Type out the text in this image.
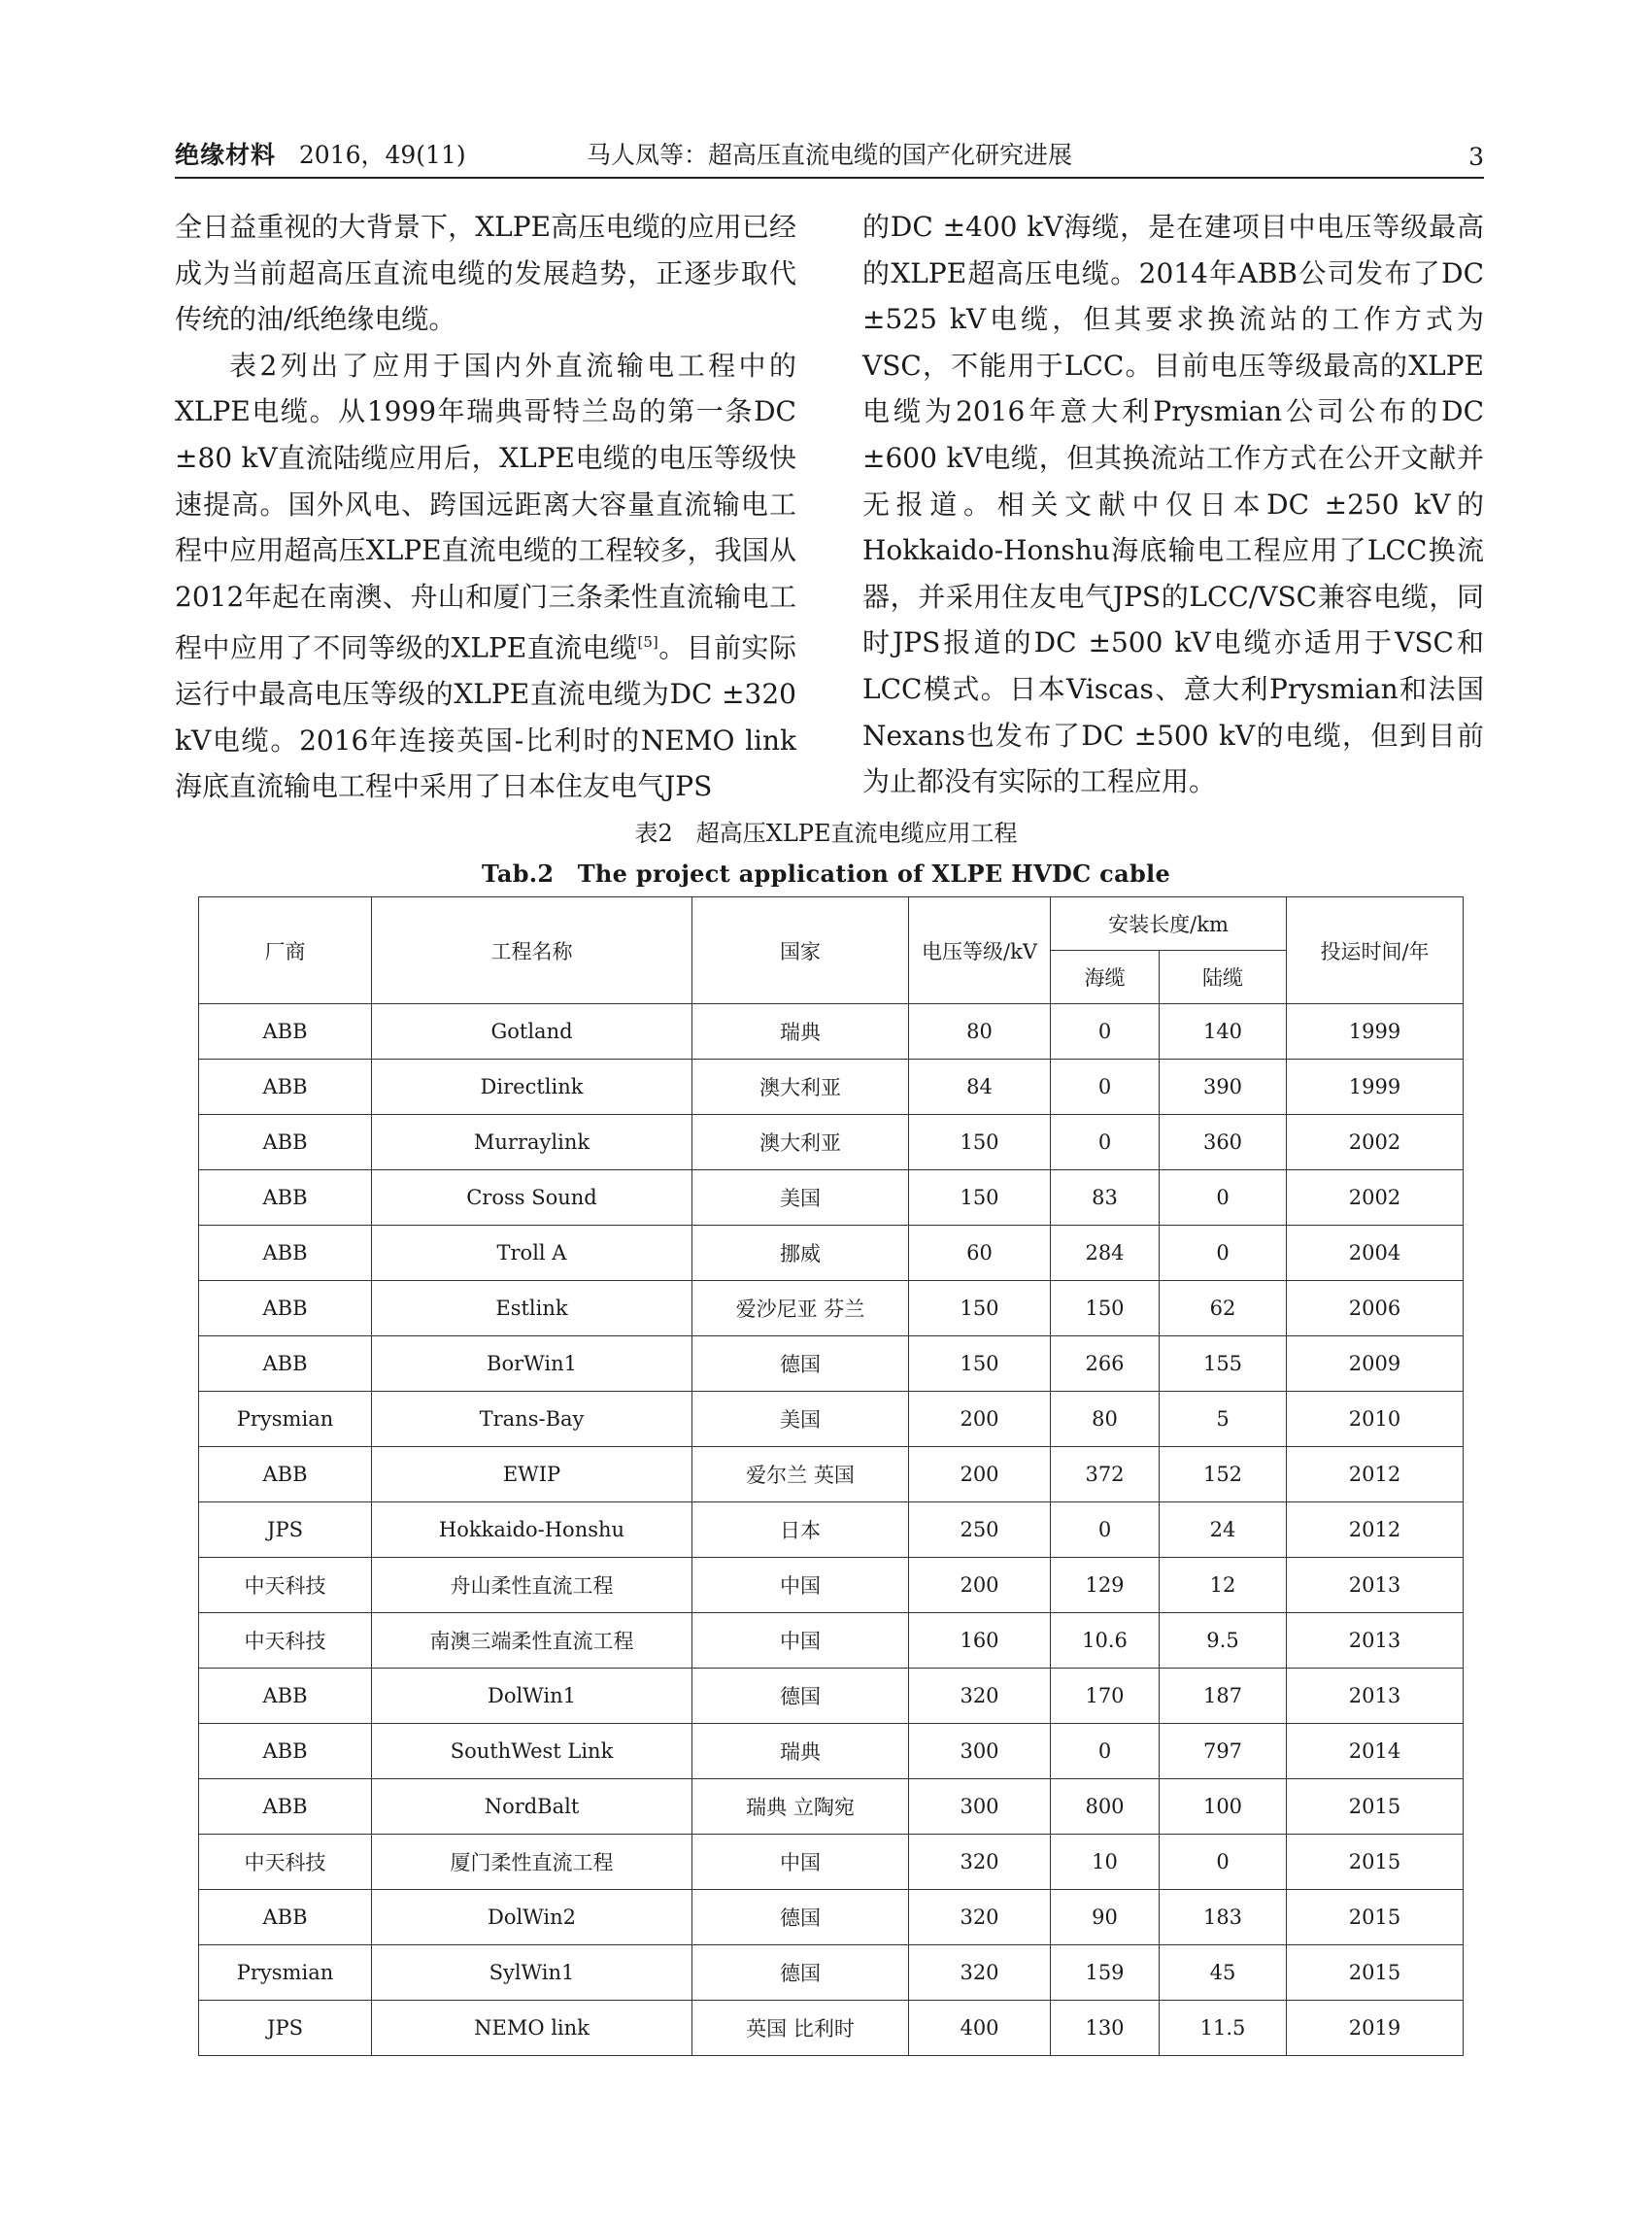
绝缘材料 2016，49(11)	马人凤等：超高压直流电缆的国产化研究进展	3

全日益重视的大背景下，XLPE高压电缆的应用已经成为当前超高压直流电缆的发展趋势，正逐步取代传统的油/纸绝缘电缆。

表2列出了应用于国内外直流输电工程中的XLPE电缆。从1999年瑞典哥特兰岛的第一条DC ±80 kV直流陆缆应用后，XLPE电缆的电压等级快速提高。国外风电、跨国远距离大容量直流输电工程中应用超高压XLPE直流电缆的工程较多，我国从2012年起在南澳、舟山和厦门三条柔性直流输电工程中应用了不同等级的XLPE直流电缆[5]。目前实际运行中最高电压等级的XLPE直流电缆为DC ±320 kV电缆。2016年连接英国-比利时的NEMO link海底直流输电工程中采用了日本住友电气JPS

的DC ±400 kV海缆，是在建项目中电压等级最高的XLPE超高压电缆。2014年ABB公司发布了DC ±525 kV电缆，但其要求换流站的工作方式为VSC，不能用于LCC。目前电压等级最高的XLPE电缆为2016年意大利Prysmian公司公布的DC ±600 kV电缆，但其换流站工作方式在公开文献并无报道。相关文献中仅日本DC ±250 kV的Hokkaido-Honshu海底输电工程应用了LCC换流器，并采用住友电气JPS的LCC/VSC兼容电缆，同时JPS报道的DC ±500 kV电缆亦适用于VSC和LCC模式。日本Viscas、意大利Prysmian和法国Nexans也发布了DC ±500 kV的电缆，但到目前为止都没有实际的工程应用。

表2　超高压XLPE直流电缆应用工程
Tab.2　The project application of XLPE HVDC cable
厂商	工程名称	国家	电压等级/kV	安装长度/km		投运时间/年
				海缆	陆缆	
ABB	Gotland	瑞典	80	0	140	1999
ABB	Directlink	澳大利亚	84	0	390	1999
ABB	Murraylink	澳大利亚	150	0	360	2002
ABB	Cross Sound	美国	150	83	0	2002
ABB	Troll A	挪威	60	284	0	2004
ABB	Estlink	爱沙尼亚 芬兰	150	150	62	2006
ABB	BorWin1	德国	150	266	155	2009
Prysmian	Trans-Bay	美国	200	80	5	2010
ABB	EWIP	爱尔兰 英国	200	372	152	2012
JPS	Hokkaido-Honshu	日本	250	0	24	2012
中天科技	舟山柔性直流工程	中国	200	129	12	2013
中天科技	南澳三端柔性直流工程	中国	160	10.6	9.5	2013
ABB	DolWin1	德国	320	170	187	2013
ABB	SouthWest Link	瑞典	300	0	797	2014
ABB	NordBalt	瑞典 立陶宛	300	800	100	2015
中天科技	厦门柔性直流工程	中国	320	10	0	2015
ABB	DolWin2	德国	320	90	183	2015
Prysmian	SylWin1	德国	320	159	45	2015
JPS	NEMO link	英国 比利时	400	130	11.5	2019
